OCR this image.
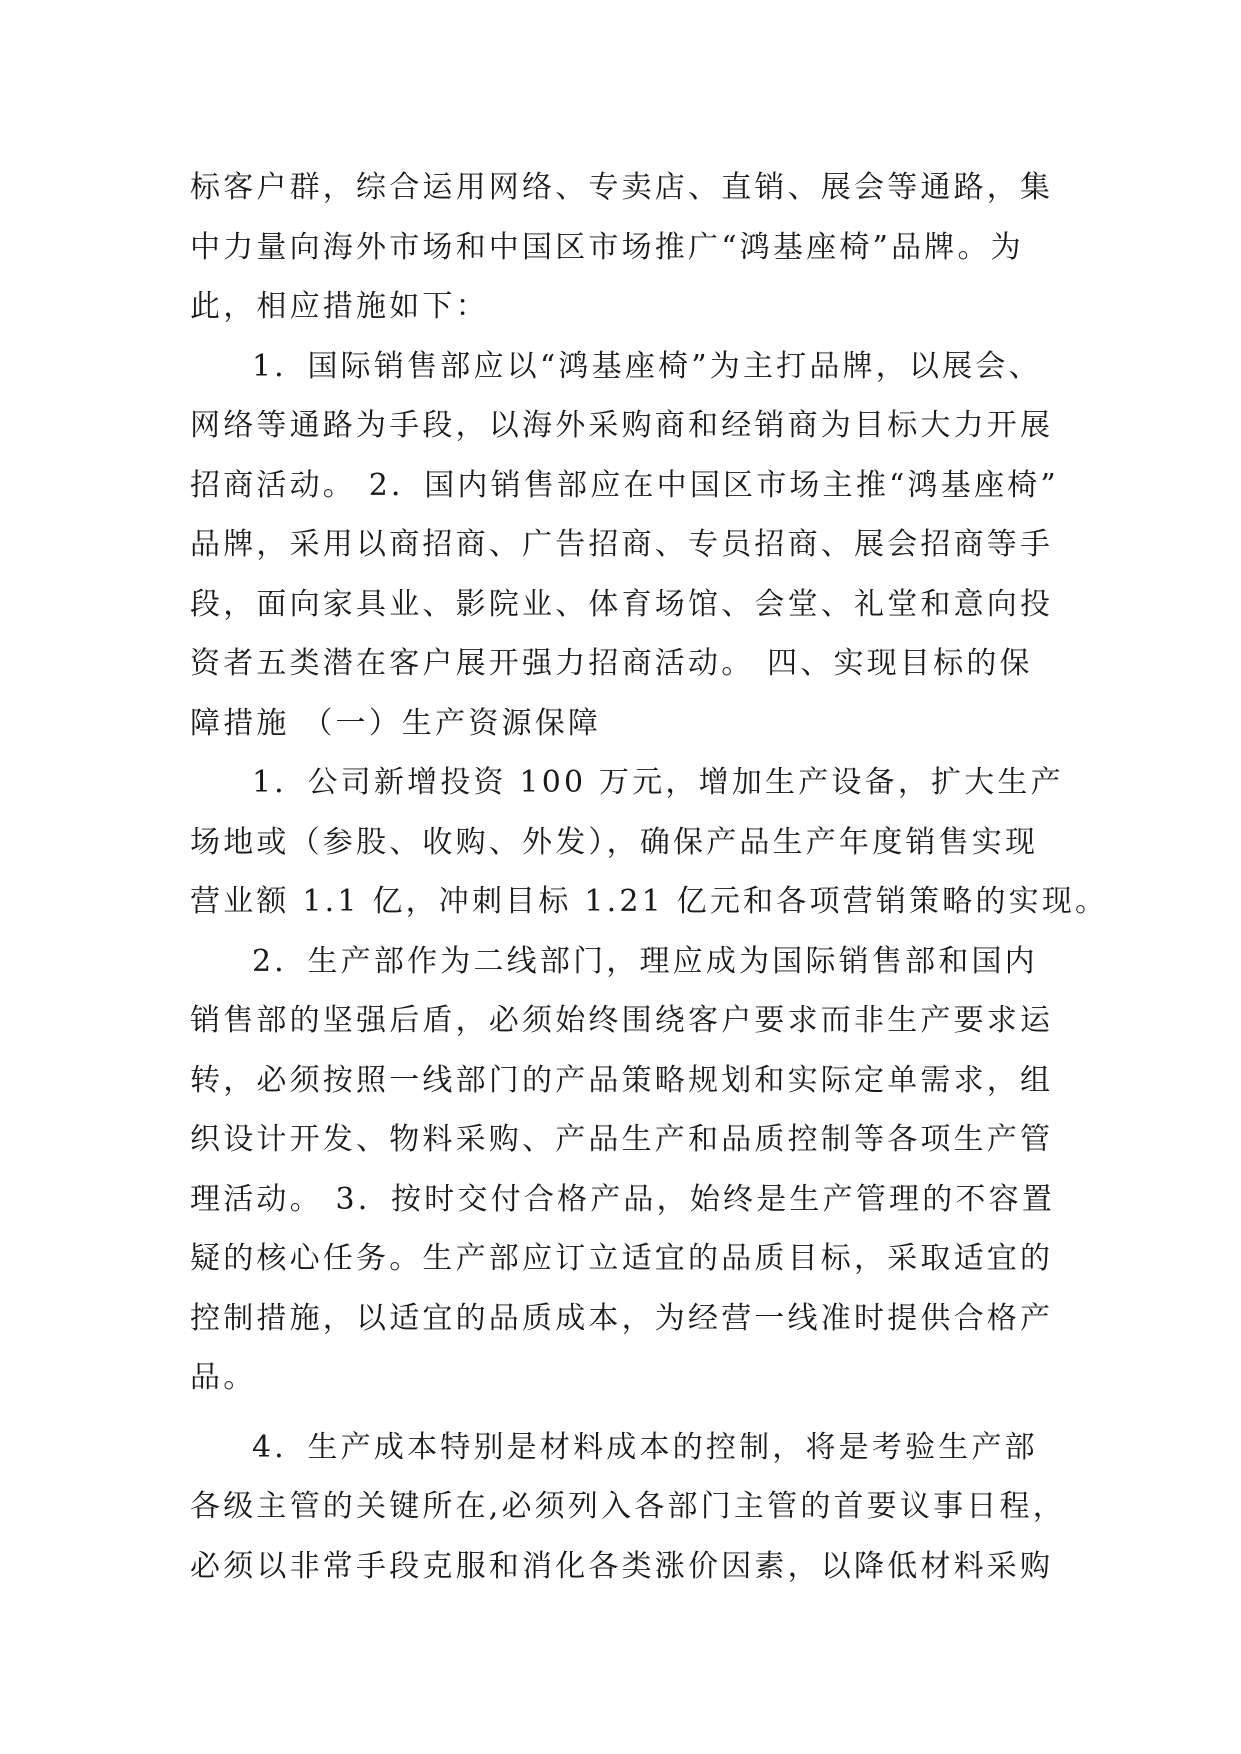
标客户群，综合运用网络、专卖店、直销、展会等通路，集
中力量向海外市场和中国区市场推广“鸿基座椅”品牌。为
此，相应措施如下：
1．国际销售部应以“鸿基座椅”为主打品牌，以展会、
网络等通路为手段，以海外采购商和经销商为目标大力开展
招商活动。 2．国内销售部应在中国区市场主推“鸿基座椅”
品牌，采用以商招商、广告招商、专员招商、展会招商等手
段，面向家具业、影院业、体育场馆、会堂、礼堂和意向投
资者五类潜在客户展开强力招商活动。 四、实现目标的保
障措施 （一）生产资源保障
1．公司新增投资 100 万元，增加生产设备，扩大生产
场地或（参股、收购、外发），确保产品生产年度销售实现
营业额 1.1 亿，冲刺目标 1.21 亿元和各项营销策略的实现。
2．生产部作为二线部门，理应成为国际销售部和国内
销售部的坚强后盾，必须始终围绕客户要求而非生产要求运
转，必须按照一线部门的产品策略规划和实际定单需求，组
织设计开发、物料采购、产品生产和品质控制等各项生产管
理活动。 3．按时交付合格产品，始终是生产管理的不容置
疑的核心任务。生产部应订立适宜的品质目标，采取适宜的
控制措施，以适宜的品质成本，为经营一线准时提供合格产
品。
4．生产成本特别是材料成本的控制，将是考验生产部
各级主管的关键所在,必须列入各部门主管的首要议事日程，
必须以非常手段克服和消化各类涨价因素，以降低材料采购
